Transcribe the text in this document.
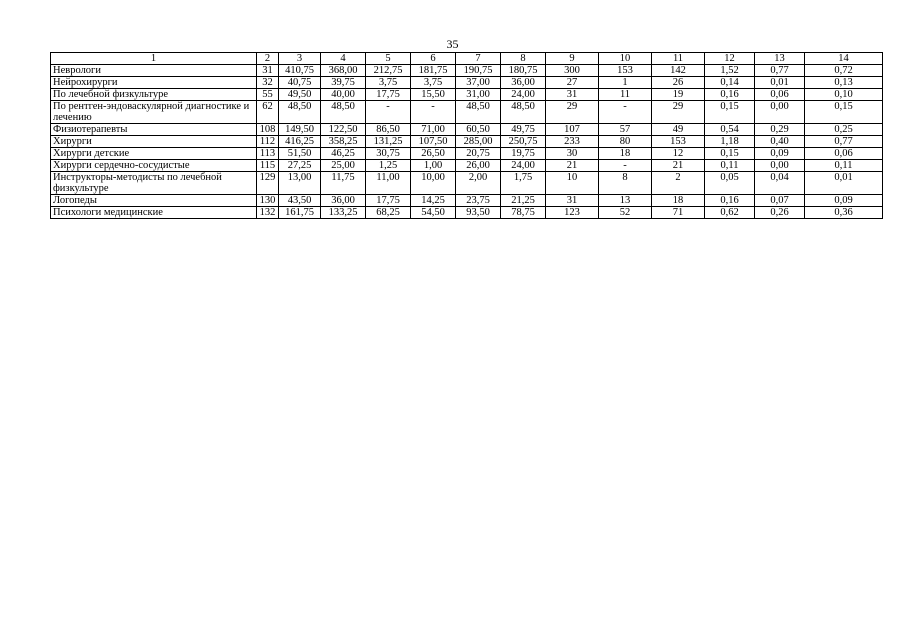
35
1	2	3	4	5	6	7	8	9	10	11	12	13	14
Неврологи	31	410,75	368,00	212,75	181,75	190,75	180,75	300	153	142	1,52	0,77	0,72
Нейрохирурги	32	40,75	39,75	3,75	3,75	37,00	36,00	27	1	26	0,14	0,01	0,13
По лечебной физкультуре	55	49,50	40,00	17,75	15,50	31,00	24,00	31	11	19	0,16	0,06	0,10
По рентген-эндоваскулярной диагностике и лечению	62	48,50	48,50	-	-	48,50	48,50	29	-	29	0,15	0,00	0,15
Физиотерапевты	108	149,50	122,50	86,50	71,00	60,50	49,75	107	57	49	0,54	0,29	0,25
Хирурги	112	416,25	358,25	131,25	107,50	285,00	250,75	233	80	153	1,18	0,40	0,77
Хирурги детские	113	51,50	46,25	30,75	26,50	20,75	19,75	30	18	12	0,15	0,09	0,06
Хирурги сердечно-сосудистые	115	27,25	25,00	1,25	1,00	26,00	24,00	21	-	21	0,11	0,00	0,11
Инструкторы-методисты по лечебной физкультуре	129	13,00	11,75	11,00	10,00	2,00	1,75	10	8	2	0,05	0,04	0,01
Логопеды	130	43,50	36,00	17,75	14,25	23,75	21,25	31	13	18	0,16	0,07	0,09
Психологи медицинские	132	161,75	133,25	68,25	54,50	93,50	78,75	123	52	71	0,62	0,26	0,36
